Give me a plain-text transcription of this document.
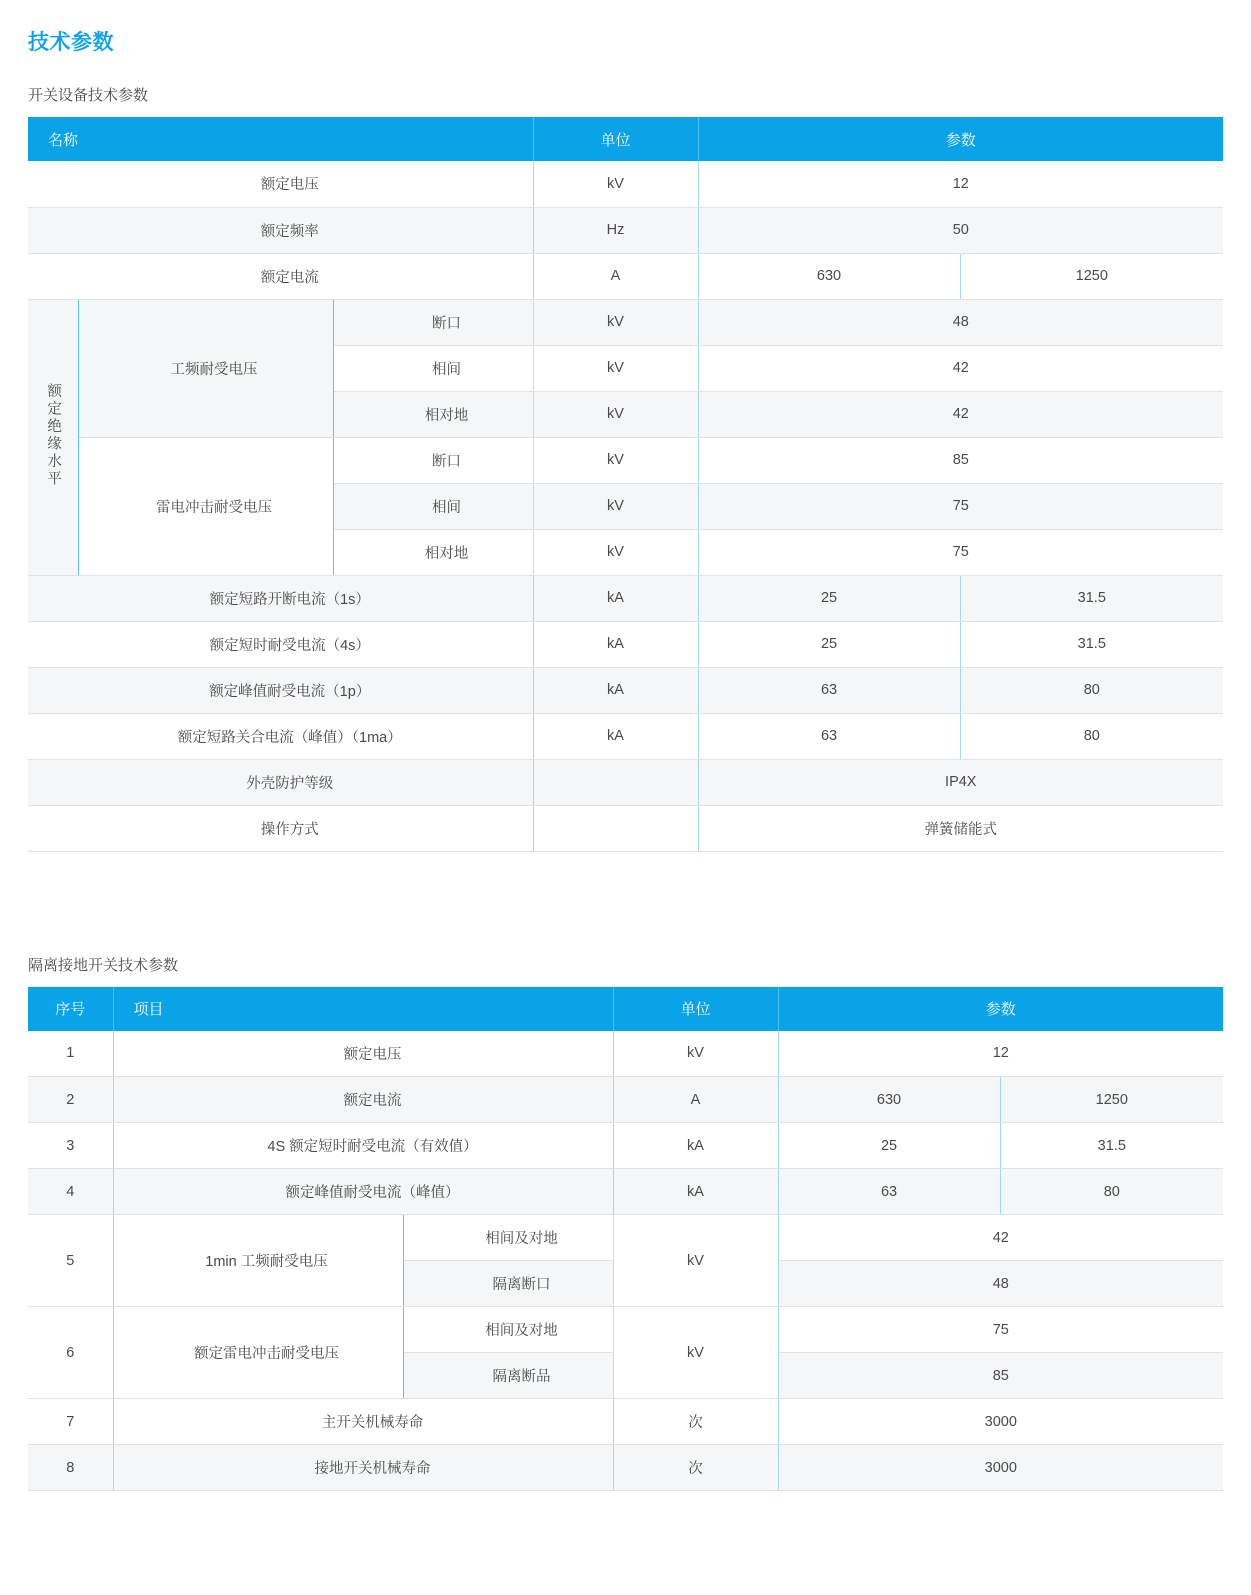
技术参数
开关设备技术参数
名称			单位	参数	
额定电压			kV	12	
额定频率			Hz	50	
额定电流			A	630	1250
额定绝缘水平	工频耐受电压	断口	kV	48	
		相间	kV	42	
		相对地	kV	42	
	雷电冲击耐受电压	断口	kV	85	
		相间	kV	75	
		相对地	kV	75	
额定短路开断电流（1s）			kA	25	31.5
额定短时耐受电流（4s）			kA	25	31.5
额定峰值耐受电流（1p）			kA	63	80
额定短路关合电流（峰值）（1ma）			kA	63	80
外壳防护等级				IP4X	
操作方式				弹簧储能式	
隔离接地开关技术参数
序号	项目		单位	参数	
1	额定电压		kV	12	
2	额定电流		A	630	1250
3	4S 额定短时耐受电流（有效值）		kA	25	31.5
4	额定峰值耐受电流（峰值）		kA	63	80
5	1min 工频耐受电压	相间及对地	kV	42	
		隔离断口		48	
6	额定雷电冲击耐受电压	相间及对地	kV	75	
		隔离断品		85	
7	主开关机械寿命		次	3000	
8	接地开关机械寿命		次	3000	
